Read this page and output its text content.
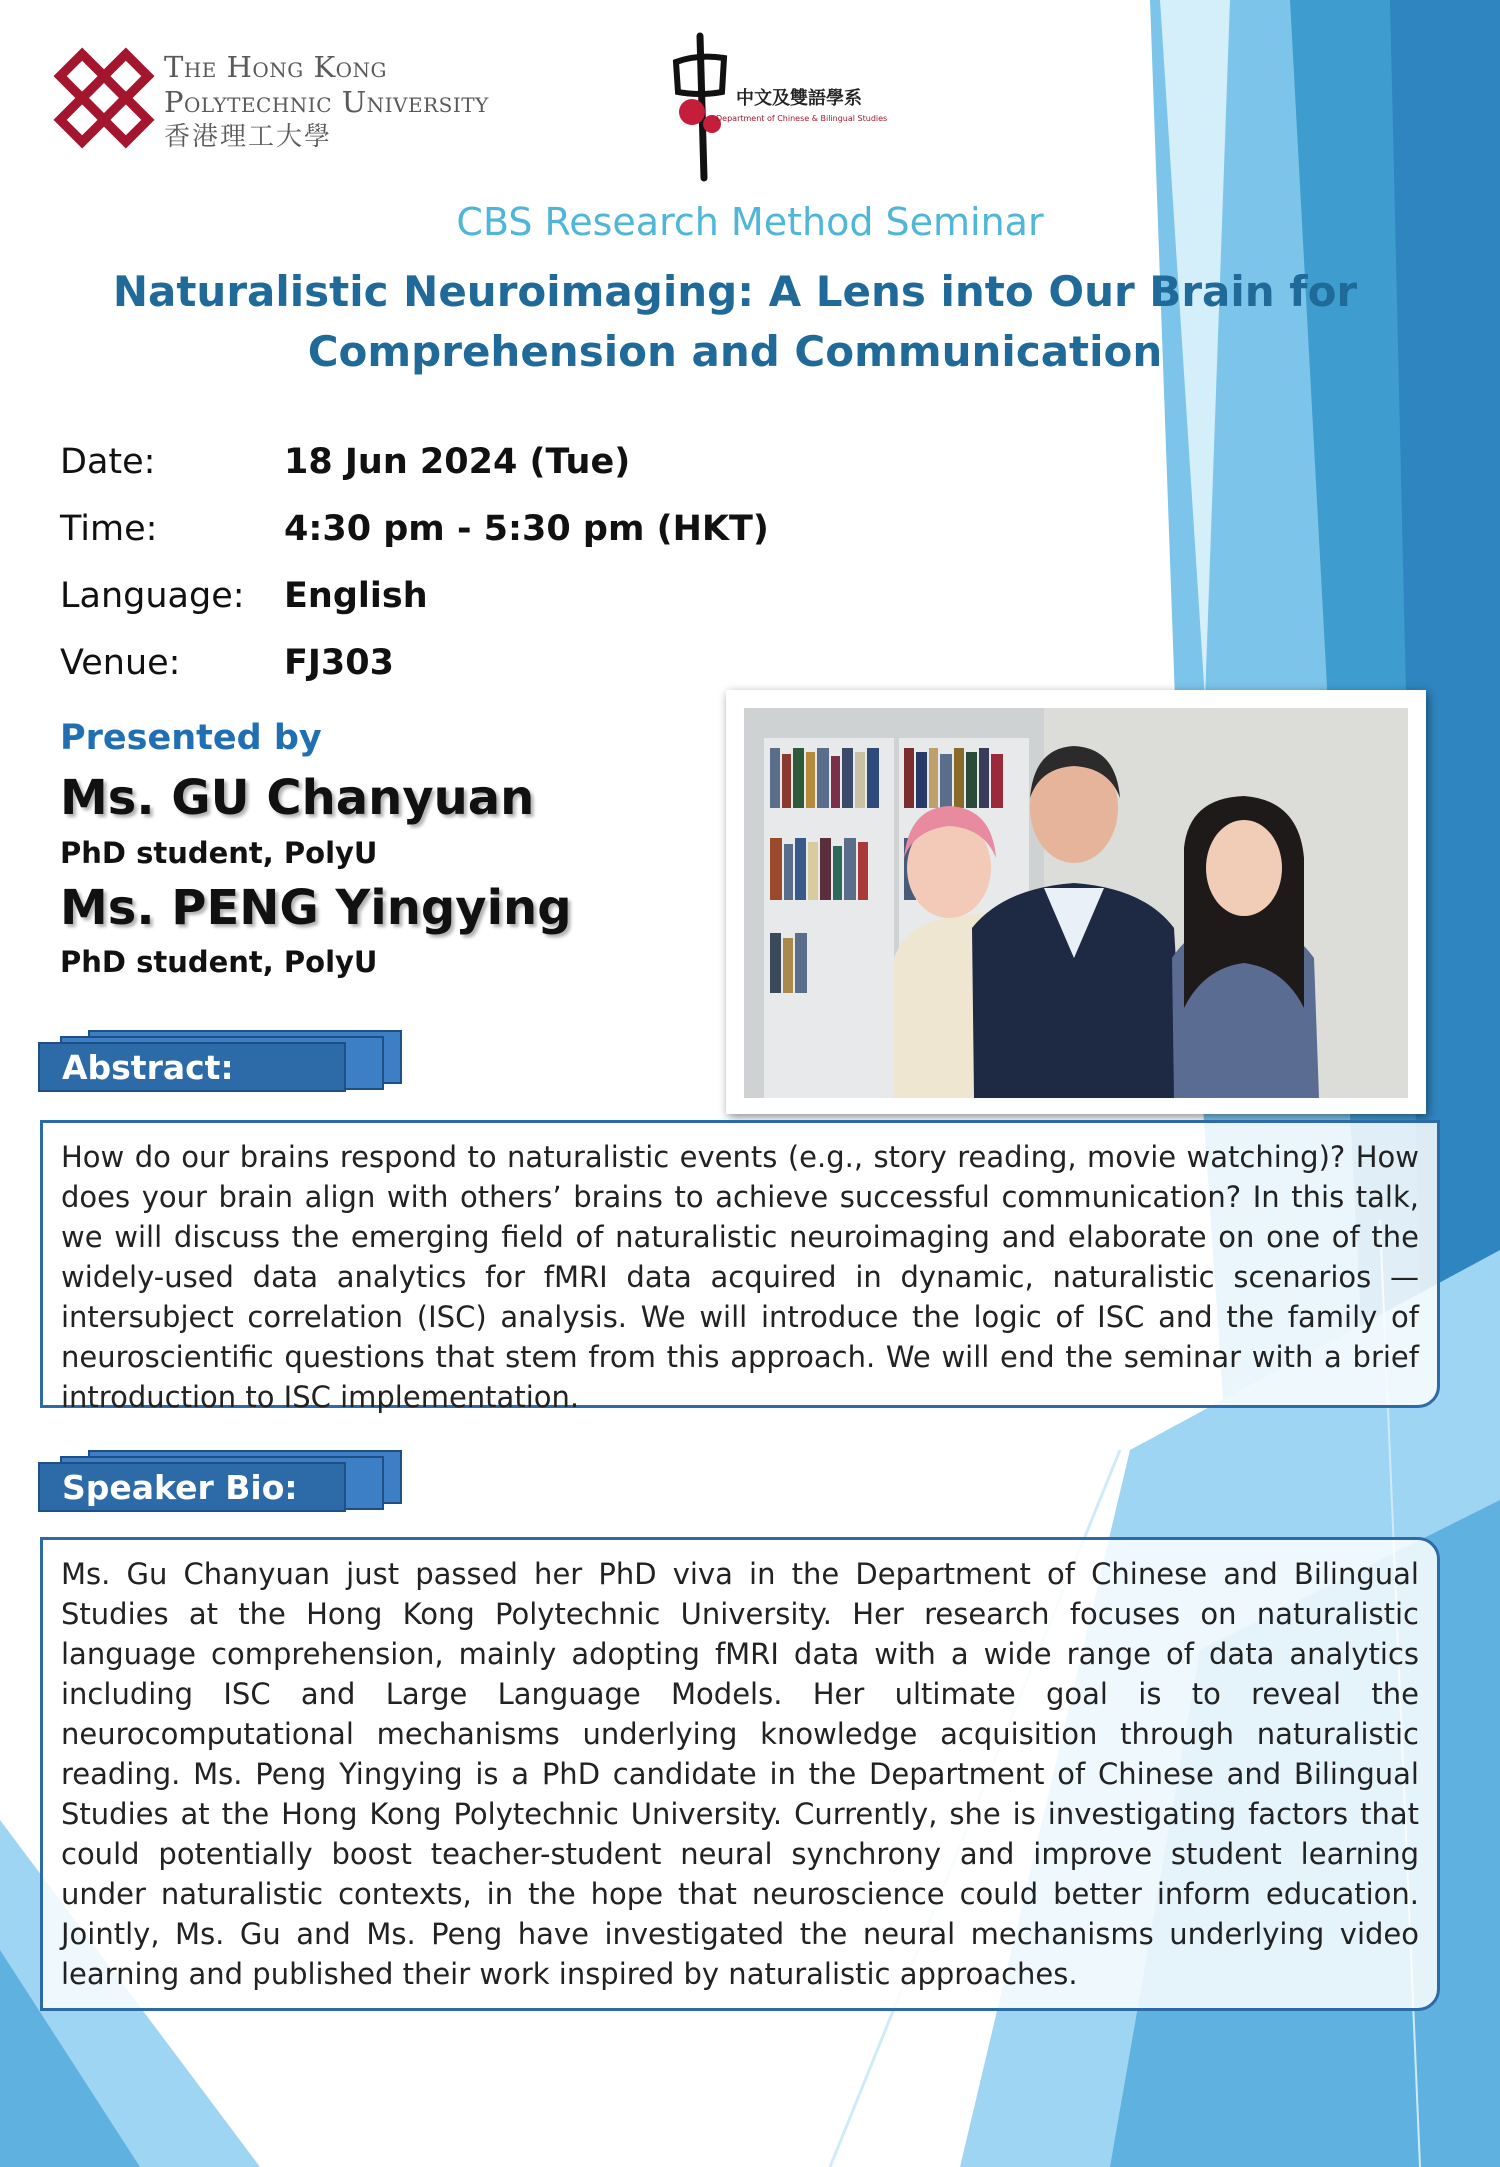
The Hong Kong
Polytechnic University
香港理工大學
中文及雙語學系
Department of Chinese & Bilingual Studies
CBS Research Method Seminar
Naturalistic Neuroimaging: A Lens into Our Brain for
Comprehension and Communication
Date:	18 Jun 2024 (Tue)
Time:	4:30 pm - 5:30 pm (HKT)
Language:	English
Venue:	FJ303
Presented by
Ms. GU Chanyuan
PhD student, PolyU
Ms. PENG Yingying
PhD student, PolyU
Abstract:
How do our brains respond to naturalistic events (e.g., story reading, movie watching)? How does your brain align with others’ brains to achieve successful communication? In this talk, we will discuss the emerging field of naturalistic neuroimaging and elaborate on one of the widely-used data analytics for fMRI data acquired in dynamic, naturalistic scenarios —intersubject correlation (ISC) analysis. We will introduce the logic of ISC and the family of neuroscientific questions that stem from this approach. We will end the seminar with a brief introduction to ISC implementation.
Speaker Bio:
Ms. Gu Chanyuan just passed her PhD viva in the Department of Chinese and Bilingual Studies at the Hong Kong Polytechnic University. Her research focuses on naturalistic language comprehension, mainly adopting fMRI data with a wide range of data analytics including ISC and Large Language Models. Her ultimate goal is to reveal the neurocomputational mechanisms underlying knowledge acquisition through naturalistic reading. Ms. Peng Yingying is a PhD candidate in the Department of Chinese and Bilingual Studies at the Hong Kong Polytechnic University. Currently, she is investigating factors that could potentially boost teacher-student neural synchrony and improve student learning under naturalistic contexts, in the hope that neuroscience could better inform education. Jointly, Ms. Gu and Ms. Peng have investigated the neural mechanisms underlying video learning and published their work inspired by naturalistic approaches.
